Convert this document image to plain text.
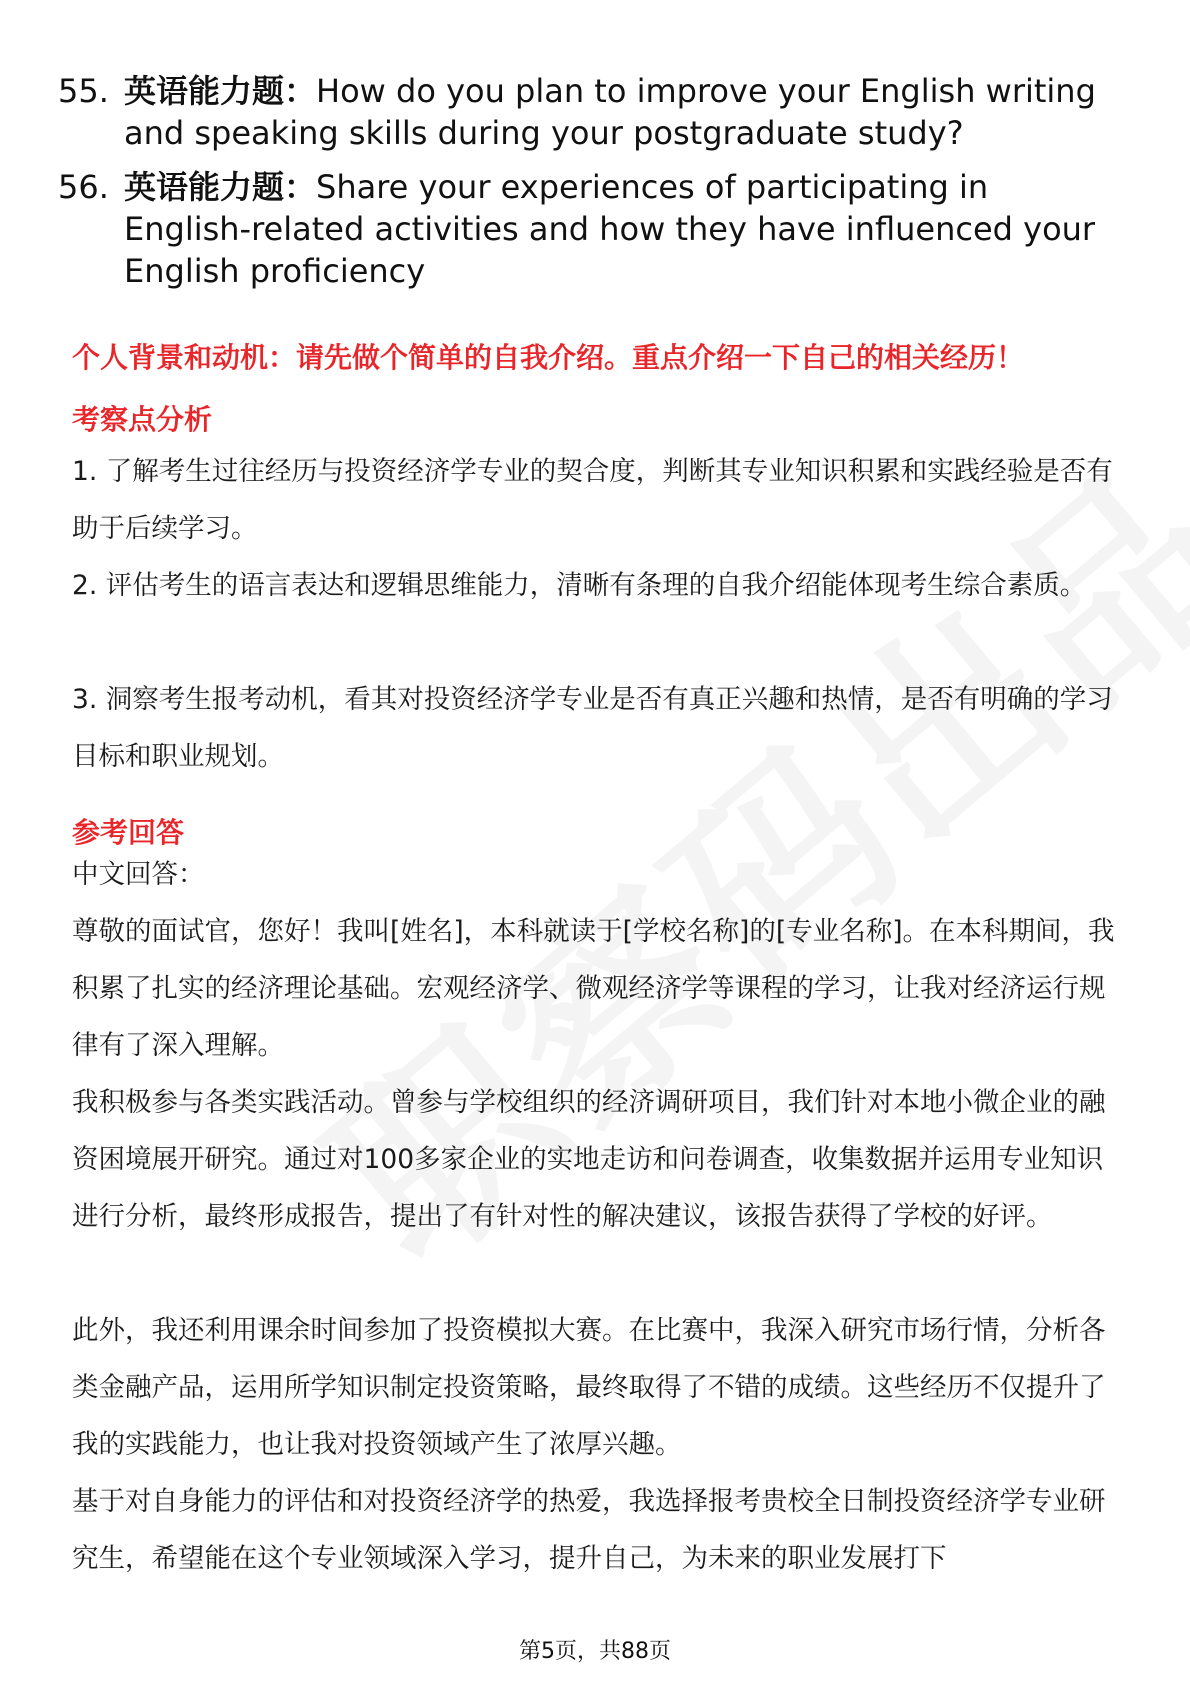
55. 英语能力题：How do you plan to improve your English writing and speaking skills during your postgraduate study?
56. 英语能力题：Share your experiences of participating in English-related activities and how they have influenced your English proficiency
个人背景和动机：请先做个简单的自我介绍。重点介绍一下自己的相关经历！
考察点分析
1. 了解考生过往经历与投资经济学专业的契合度，判断其专业知识积累和实践经验是否有助于后续学习。
2. 评估考生的语言表达和逻辑思维能力，清晰有条理的自我介绍能体现考生综合素质。
3. 洞察考生报考动机，看其对投资经济学专业是否有真正兴趣和热情，是否有明确的学习目标和职业规划。
参考回答
中文回答：
尊敬的面试官，您好！我叫[姓名]，本科就读于[学校名称]的[专业名称]。在本科期间，我积累了扎实的经济理论基础。宏观经济学、微观经济学等课程的学习，让我对经济运行规律有了深入理解。
我积极参与各类实践活动。曾参与学校组织的经济调研项目，我们针对本地小微企业的融资困境展开研究。通过对100多家企业的实地走访和问卷调查，收集数据并运用专业知识进行分析，最终形成报告，提出了有针对性的解决建议，该报告获得了学校的好评。
此外，我还利用课余时间参加了投资模拟大赛。在比赛中，我深入研究市场行情，分析各类金融产品，运用所学知识制定投资策略，最终取得了不错的成绩。这些经历不仅提升了我的实践能力，也让我对投资领域产生了浓厚兴趣。
基于对自身能力的评估和对投资经济学的热爱，我选择报考贵校全日制投资经济学专业研究生，希望能在这个专业领域深入学习，提升自己，为未来的职业发展打下
第5页，共88页
